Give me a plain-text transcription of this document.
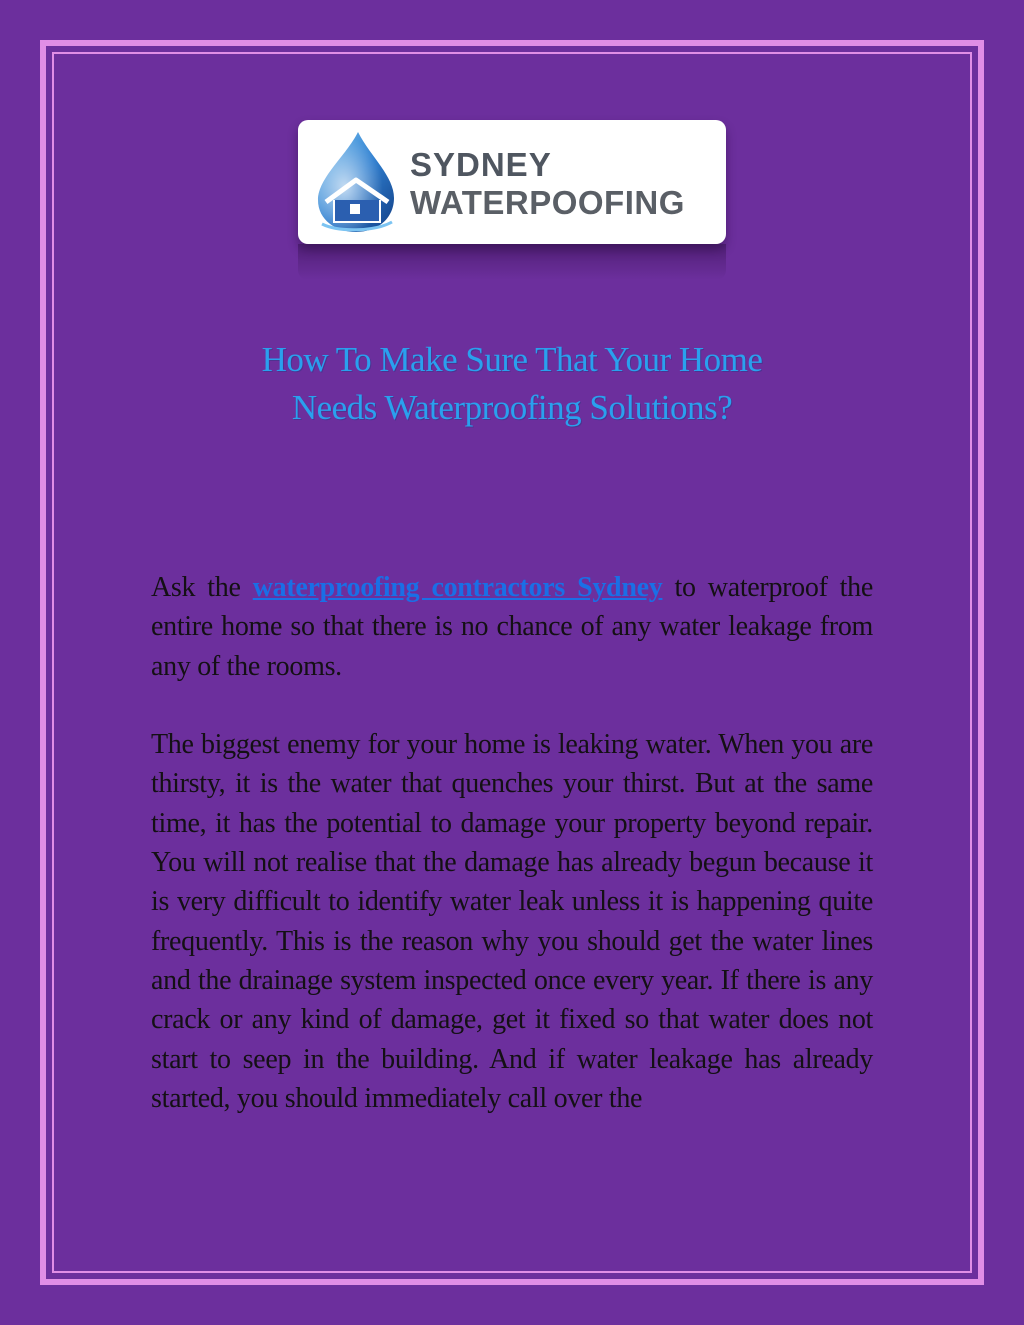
SYDNEY
WATERPOOFING
How To Make Sure That Your Home
Needs Waterproofing Solutions?

Ask the waterproofing contractors Sydney to waterproof the entire home so that there is no chance of any water leakage from any of the rooms.

The biggest enemy for your home is leaking water. When you are thirsty, it is the water that quenches your thirst. But at the same time, it has the potential to damage your property beyond repair. You will not realise that the damage has already begun because it is very difficult to identify water leak unless it is happening quite frequently. This is the reason why you should get the water lines and the drainage system inspected once every year. If there is any crack or any kind of damage, get it fixed so that water does not start to seep in the building. And if water leakage has already started, you should immediately call over the
